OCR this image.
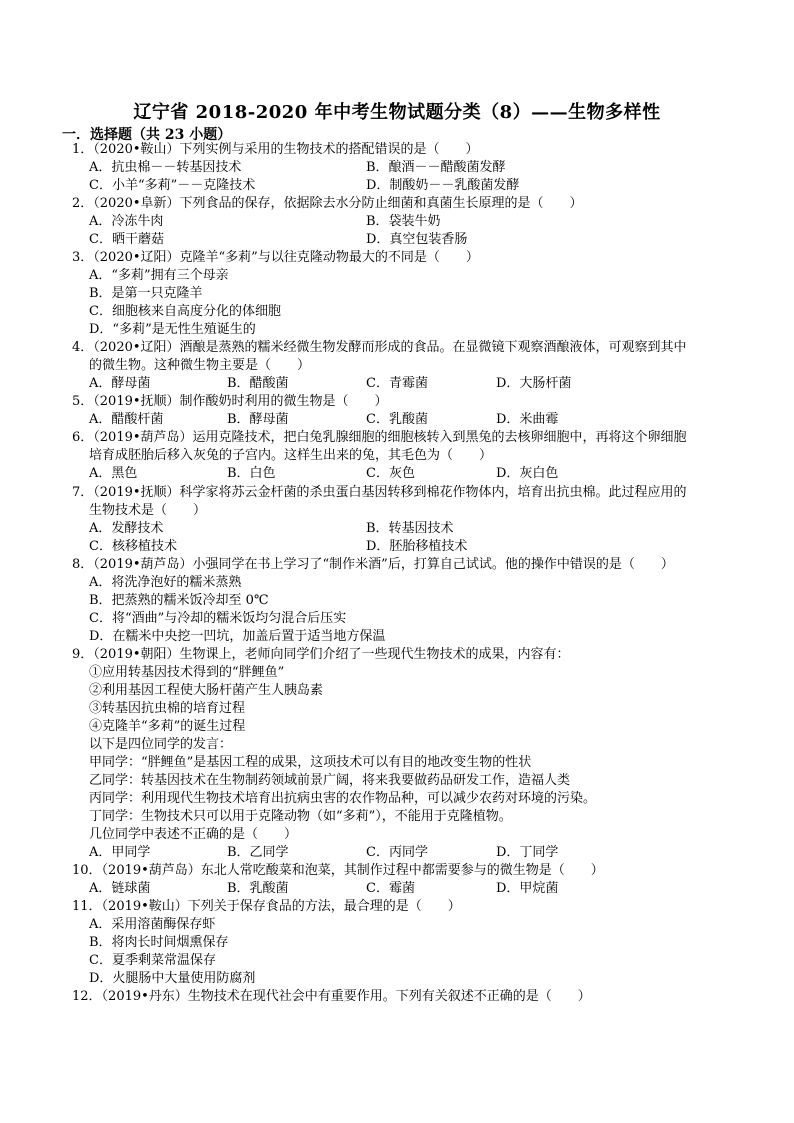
辽宁省 2018-2020 年中考生物试题分类（8）——生物多样性
一．选择题（共 23 小题）
1．（2020•鞍山）下列实例与采用的生物技术的搭配错误的是（　　）
A．抗虫棉－－转基因技术	B．酿酒－－醋酸菌发酵
C．小羊“多莉”－－克隆技术	D．制酸奶－－乳酸菌发酵
2．（2020•阜新）下列食品的保存，依据除去水分防止细菌和真菌生长原理的是（　　）
A．冷冻牛肉	B．袋装牛奶
C．晒干蘑菇	D．真空包装香肠
3．（2020•辽阳）克隆羊“多莉”与以往克隆动物最大的不同是（　　）
A．“多莉”拥有三个母亲
B．是第一只克隆羊
C．细胞核来自高度分化的体细胞
D．“多莉”是无性生殖诞生的
4．（2020•辽阳）酒酿是蒸熟的糯米经微生物发酵而形成的食品。在显微镜下观察酒酿液体，可观察到其中
的微生物。这种微生物主要是（　　）
A．酵母菌	B．醋酸菌	C．青霉菌	D．大肠杆菌
5．（2019•抚顺）制作酸奶时利用的微生物是（　　）
A．醋酸杆菌	B．酵母菌	C．乳酸菌	D．米曲霉
6．（2019•葫芦岛）运用克隆技术，把白兔乳腺细胞的细胞核转入到黑兔的去核卵细胞中，再将这个卵细胞
培育成胚胎后移入灰兔的子宫内。这样生出来的兔，其毛色为（　　）
A．黑色	B．白色	C．灰色	D．灰白色
7．（2019•抚顺）科学家将苏云金杆菌的杀虫蛋白基因转移到棉花作物体内，培育出抗虫棉。此过程应用的
生物技术是（　　）
A．发酵技术	B．转基因技术
C．核移植技术	D．胚胎移植技术
8．（2019•葫芦岛）小强同学在书上学习了“制作米酒”后，打算自己试试。他的操作中错误的是（　　）
A．将洗净泡好的糯米蒸熟
B．把蒸熟的糯米饭冷却至 0℃
C．将“酒曲”与冷却的糯米饭均匀混合后压实
D．在糯米中央挖一凹坑，加盖后置于适当地方保温
9．（2019•朝阳）生物课上，老师向同学们介绍了一些现代生物技术的成果，内容有：
①应用转基因技术得到的“胖鲤鱼”
②利用基因工程使大肠杆菌产生人胰岛素
③转基因抗虫棉的培育过程
④克隆羊“多莉”的诞生过程
以下是四位同学的发言：
甲同学：“胖鲤鱼”是基因工程的成果，这项技术可以有目的地改变生物的性状
乙同学：转基因技术在生物制药领域前景广阔，将来我要做药品研发工作，造福人类
丙同学：利用现代生物技术培育出抗病虫害的农作物品种，可以减少农药对环境的污染。
丁同学：生物技术只可以用于克隆动物（如“多莉”），不能用于克隆植物。
几位同学中表述不正确的是（　　）
A．甲同学	B．乙同学	C．丙同学	D．丁同学
10．（2019•葫芦岛）东北人常吃酸菜和泡菜，其制作过程中都需要参与的微生物是（　　）
A．链球菌	B．乳酸菌	C．霉菌	D．甲烷菌
11．（2019•鞍山）下列关于保存食品的方法，最合理的是（　　）
A．采用溶菌酶保存虾
B．将肉长时间烟熏保存
C．夏季剩菜常温保存
D．火腿肠中大量使用防腐剂
12．（2019•丹东）生物技术在现代社会中有重要作用。下列有关叙述不正确的是（　　）
